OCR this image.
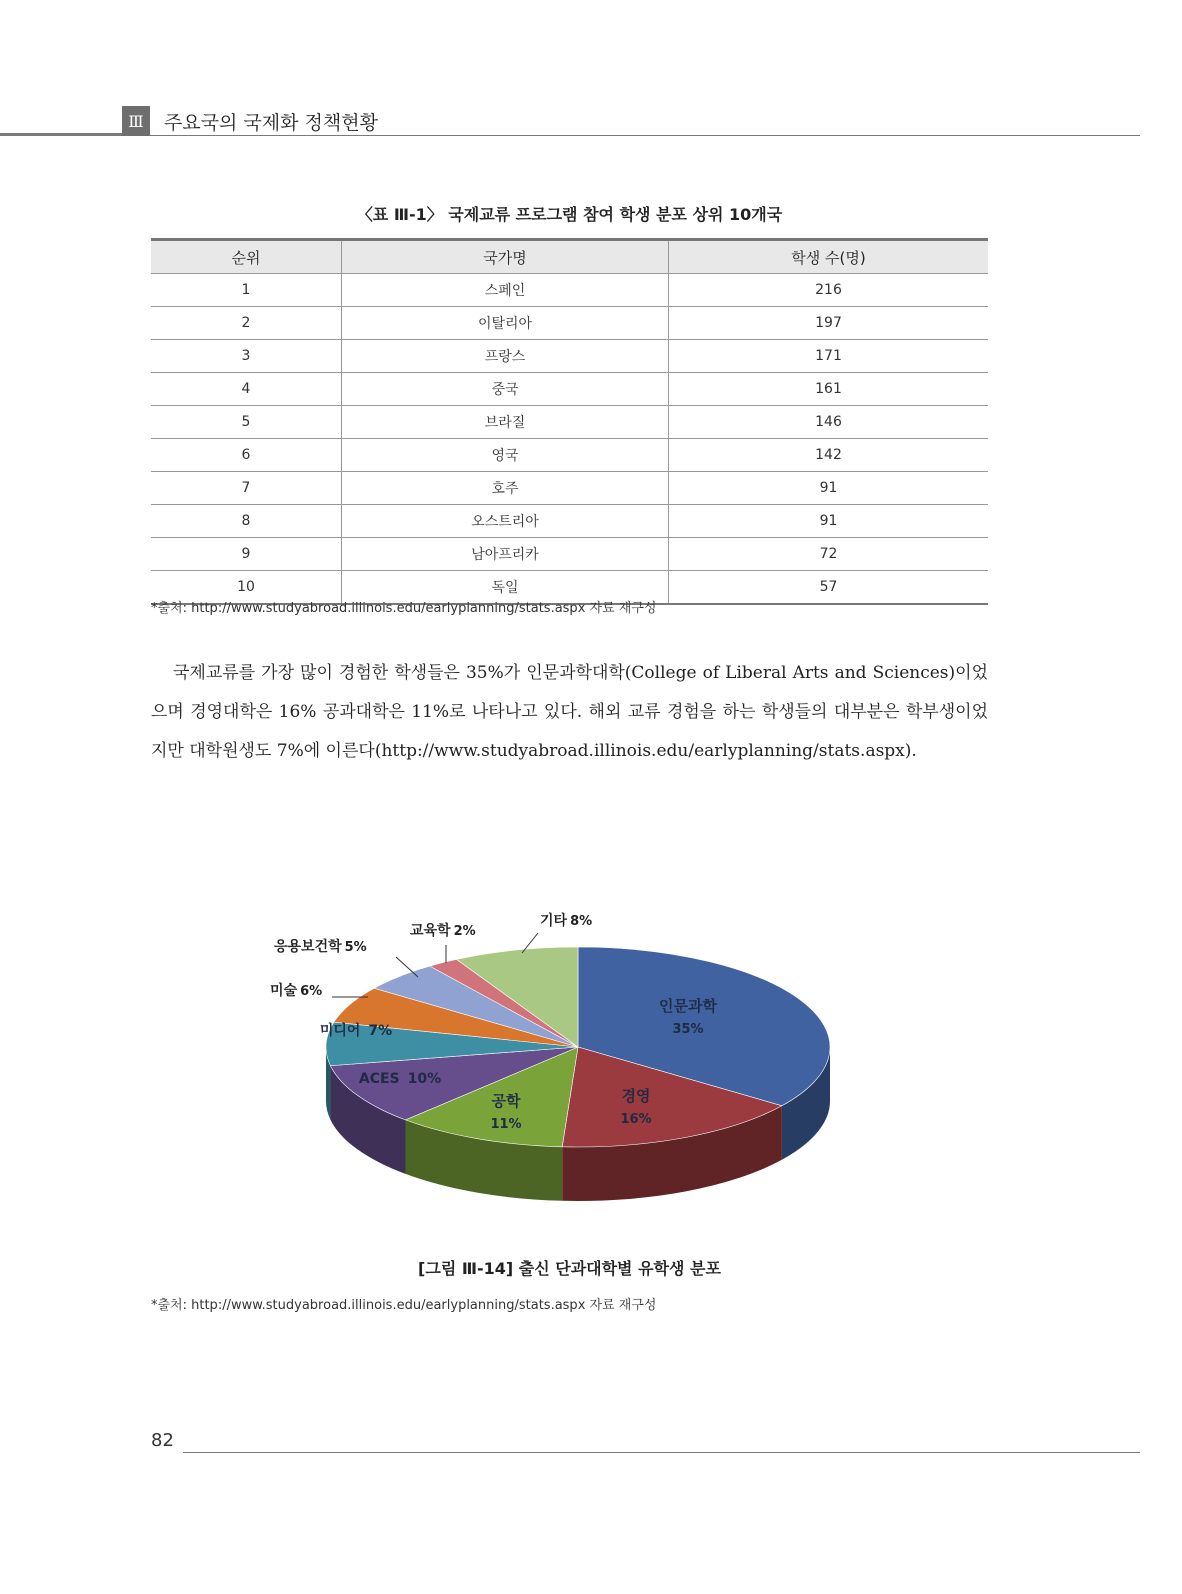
Ⅲ	주요국의 국제화 정책현황
〈표 Ⅲ-1〉 국제교류 프로그램 참여 학생 분포 상위 10개국
순위	국가명	학생 수(명)
1	스페인	216
2	이탈리아	197
3	프랑스	171
4	중국	161
5	브라질	146
6	영국	142
7	호주	91
8	오스트리아	91
9	남아프리카	72
10	독일	57
*출처: http://www.studyabroad.illinois.edu/earlyplanning/stats.aspx 자료 재구성
국제교류를 가장 많이 경험한 학생들은 35%가 인문과학대학(College of Liberal Arts and Sciences)이었으며 경영대학은 16% 공과대학은 11%로 나타나고 있다. 해외 교류 경험을 하는 학생들의 대부분은 학부생이었지만 대학원생도 7%에 이른다(http://www.studyabroad.illinois.edu/earlyplanning/stats.aspx).
인문과학
35%
경영
16%
공학
11%
ACES 10%
미디어 7%
미술 6%
응용보건학 5%
교육학 2%
기타 8%
[그림 Ⅲ-14] 출신 단과대학별 유학생 분포
*출처: http://www.studyabroad.illinois.edu/earlyplanning/stats.aspx 자료 재구성
82
